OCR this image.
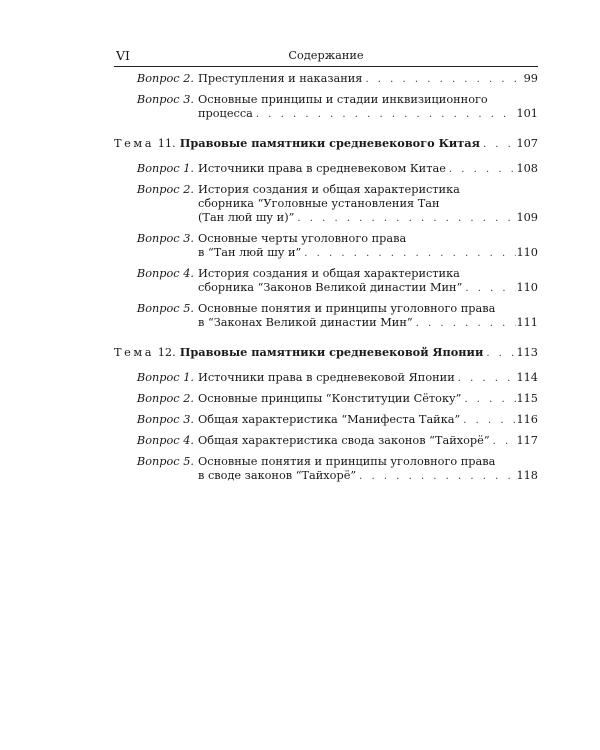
VI	Содержание
Вопрос 2. Преступления и наказания . . .	99
Вопрос 3. Основные принципы и стадии инквизиционного
процесса . . .	101
Тема 11. Правовые памятники средневекового Китая . . .	107
Вопрос 1. Источники права в средневековом Китае . . .	108
Вопрос 2. История создания и общая характеристика
сборника “Уголовные установления Тан
(Тан люй шу и)” . . .	109
Вопрос 3. Основные черты уголовного права
в “Тан люй шу и” . . .	110
Вопрос 4. История создания и общая характеристика
сборника “Законов Великой династии Мин” . . .	110
Вопрос 5. Основные понятия и принципы уголовного права
в “Законах Великой династии Мин” . . .	111
Тема 12. Правовые памятники средневековой Японии . . .	113
Вопрос 1. Источники права в средневековой Японии . . .	114
Вопрос 2. Основные принципы “Конституции Сётоку” . . .	115
Вопрос 3. Общая характеристика “Манифеста Тайка” . . .	116
Вопрос 4. Общая характеристика свода законов “Тайхорё” . . . 117
Вопрос 5. Основные понятия и принципы уголовного права
в своде законов “Тайхорё” . . .	118
